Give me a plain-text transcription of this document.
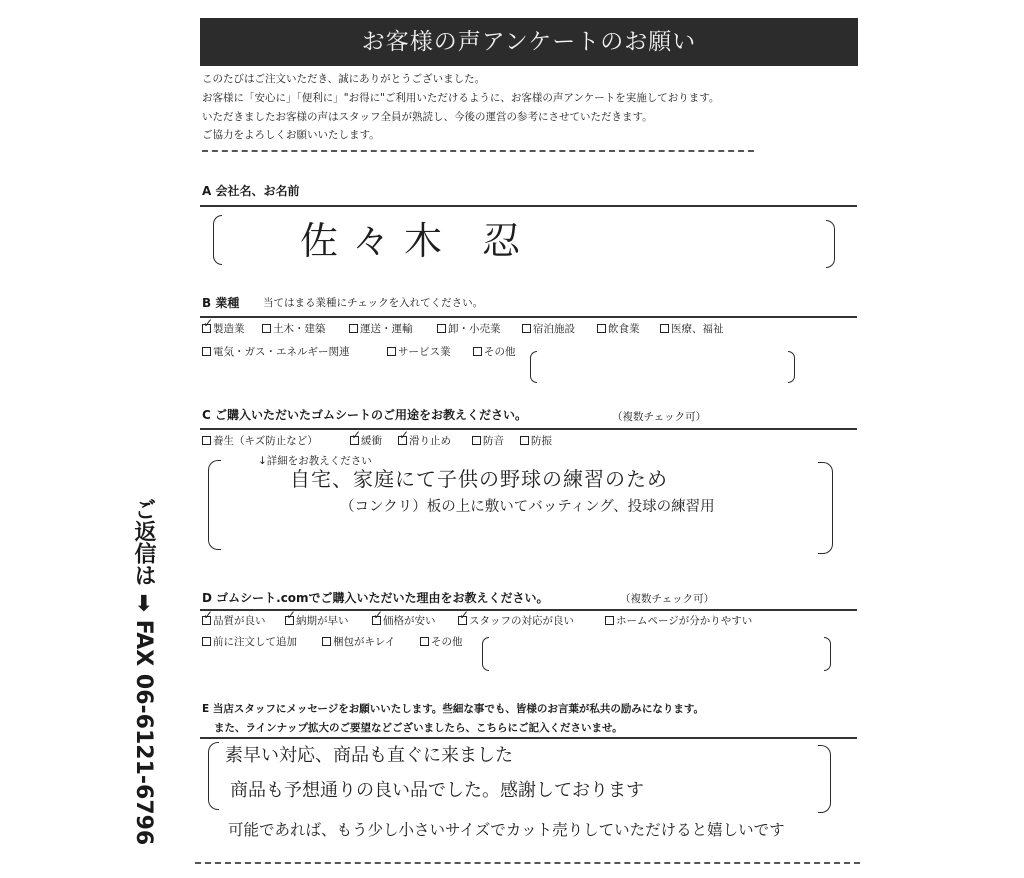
お客様の声アンケートのお願い
このたびはご注文いただき、誠にありがとうございました。
お客様に「安心に」「便利に」"お得に"ご利用いただけるように、お客様の声アンケートを実施しております。
いただきましたお客様の声はスタッフ全員が熟読し、今後の運営の参考にさせていただきます。
ご協力をよろしくお願いいたします。
A 会社名、お名前
佐々木 忍
B 業種 当てはまる業種にチェックを入れてください。
✓製造業	土木・建築	運送・運輸	卸・小売業	宿泊施設	飲食業	医療、福祉
電気・ガス・エネルギー関連	サービス業	その他
C ご購入いただいたゴムシートのご用途をお教えください。	（複数チェック可）
養生（キズ防止など） ✓	緩衝 ✓	滑り止め	防音	防振
↓詳細をお教えください
自宅、家庭にて子供の野球の練習のため
（コンクリ）板の上に敷いてバッティング、投球の練習用
D ゴムシート.comでご購入いただいた理由をお教えください。	（複数チェック可）
✓品質が良い ✓	納期が早い ✓	価格が安い ✓	スタッフの対応が良い	ホームページが分かりやすい
前に注文して追加	梱包がキレイ	その他
E 当店スタッフにメッセージをお願いいたします。些細な事でも、皆様のお言葉が私共の励みになります。
また、ラインナップ拡大のご要望などございましたら、こちらにご記入くださいませ。
素早い対応、商品も直ぐに来ました
商品も予想通りの良い品でした。感謝しております
可能であれば、もう少し小さいサイズでカット売りしていただけると嬉しいです
ご返信は ➡ FAX 06-6121-6796
